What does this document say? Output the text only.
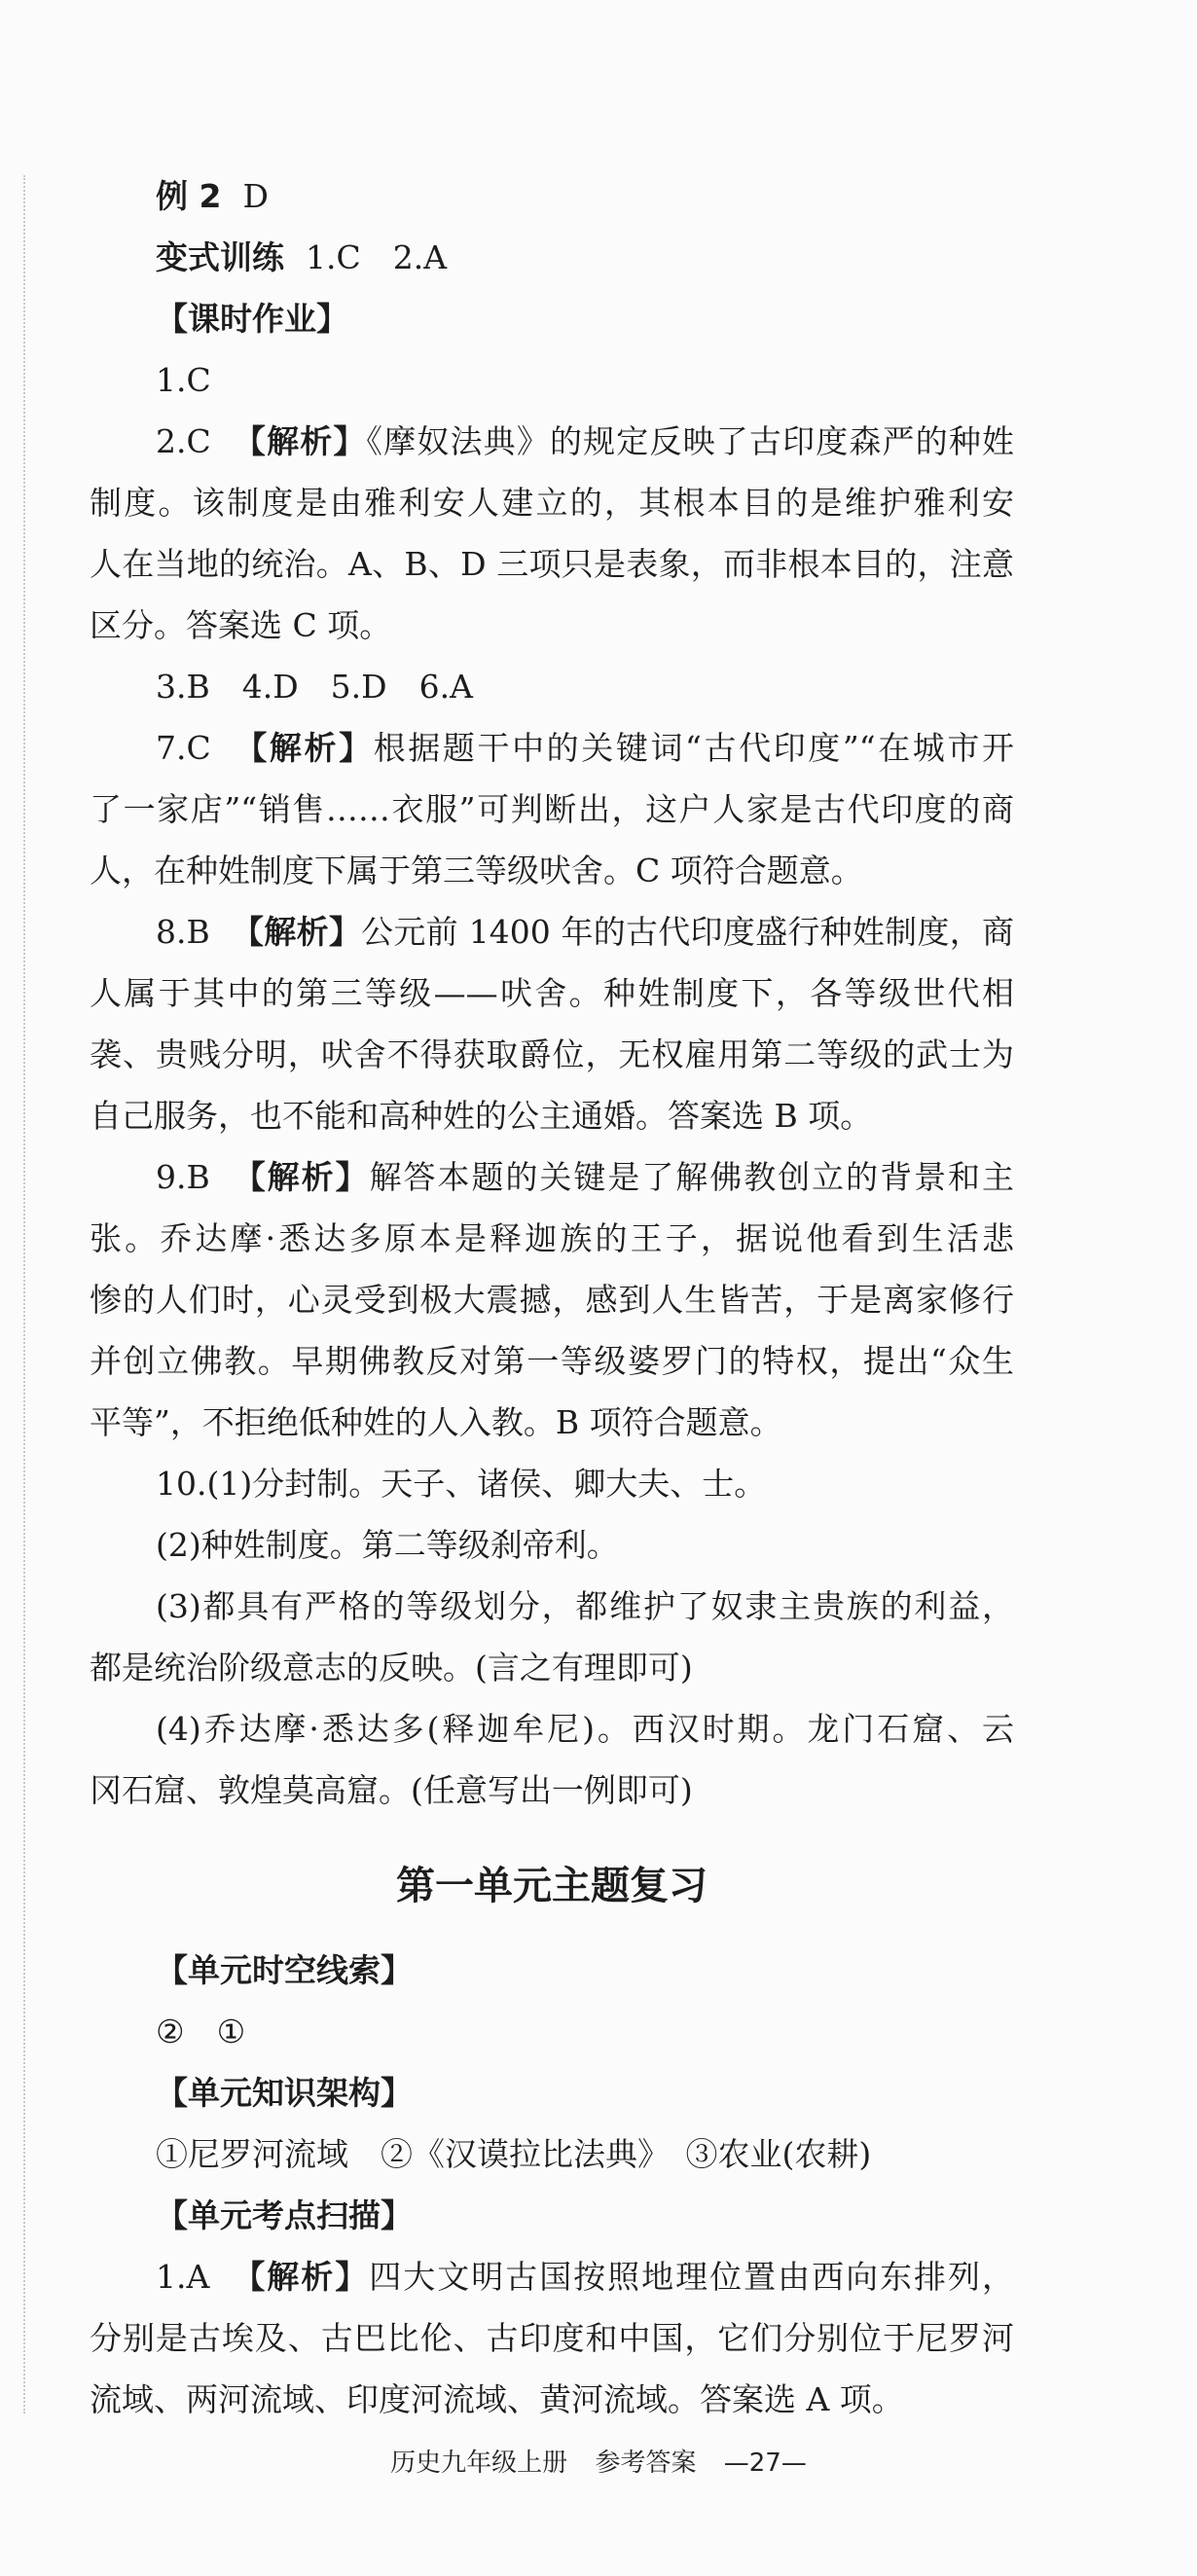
例 2 D
变式训练 1.C　2.A
【课时作业】
1.C
2.C 【解析】《摩奴法典》的规定反映了古印度森严的种姓
制度。该制度是由雅利安人建立的，其根本目的是维护雅利安
人在当地的统治。A、B、D 三项只是表象，而非根本目的，注意
区分。答案选 C 项。
3.B　4.D　5.D　6.A
7.C 【解析】根据题干中的关键词“古代印度”“在城市开
了一家店”“销售……衣服”可判断出，这户人家是古代印度的商
人，在种姓制度下属于第三等级吠舍。C 项符合题意。
8.B 【解析】公元前 1400 年的古代印度盛行种姓制度，商
人属于其中的第三等级——吠舍。种姓制度下，各等级世代相
袭、贵贱分明，吠舍不得获取爵位，无权雇用第二等级的武士为
自己服务，也不能和高种姓的公主通婚。答案选 B 项。
9.B 【解析】解答本题的关键是了解佛教创立的背景和主
张。乔达摩·悉达多原本是释迦族的王子，据说他看到生活悲
惨的人们时，心灵受到极大震撼，感到人生皆苦，于是离家修行
并创立佛教。早期佛教反对第一等级婆罗门的特权，提出“众生
平等”，不拒绝低种姓的人入教。B 项符合题意。
10.(1)分封制。天子、诸侯、卿大夫、士。
(2)种姓制度。第二等级刹帝利。
(3)都具有严格的等级划分，都维护了奴隶主贵族的利益，
都是统治阶级意志的反映。(言之有理即可)
(4)乔达摩·悉达多(释迦牟尼)。西汉时期。龙门石窟、云
冈石窟、敦煌莫高窟。(任意写出一例即可)
第一单元主题复习
【单元时空线索】
②　①
【单元知识架构】
①尼罗河流域　②《汉谟拉比法典》　③农业(农耕)
【单元考点扫描】
1.A 【解析】四大文明古国按照地理位置由西向东排列，
分别是古埃及、古巴比伦、古印度和中国，它们分别位于尼罗河
流域、两河流域、印度河流域、黄河流域。答案选 A 项。
历史九年级上册 参考答案 —27—
